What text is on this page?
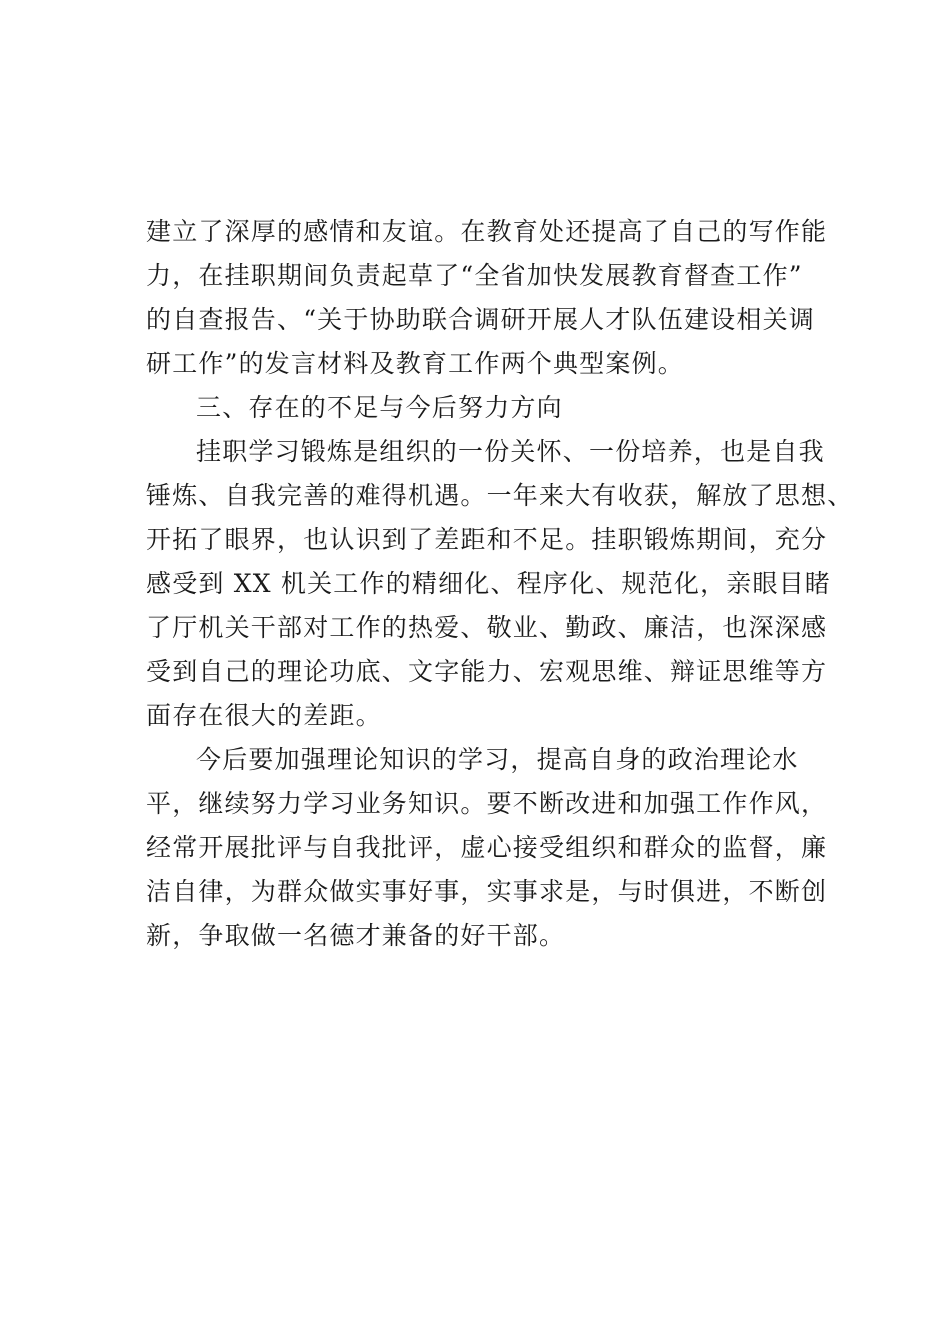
建立了深厚的感情和友谊。在教育处还提高了自己的写作能
力，在挂职期间负责起草了“全省加快发展教育督查工作”
的自查报告、“关于协助联合调研开展人才队伍建设相关调
研工作”的发言材料及教育工作两个典型案例。
三、存在的不足与今后努力方向
挂职学习锻炼是组织的一份关怀、一份培养，也是自我
锤炼、自我完善的难得机遇。一年来大有收获，解放了思想、
开拓了眼界，也认识到了差距和不足。挂职锻炼期间，充分
感受到 XX 机关工作的精细化、程序化、规范化，亲眼目睹
了厅机关干部对工作的热爱、敬业、勤政、廉洁，也深深感
受到自己的理论功底、文字能力、宏观思维、辩证思维等方
面存在很大的差距。
今后要加强理论知识的学习，提高自身的政治理论水
平，继续努力学习业务知识。要不断改进和加强工作作风，
经常开展批评与自我批评，虚心接受组织和群众的监督，廉
洁自律，为群众做实事好事，实事求是，与时俱进，不断创
新，争取做一名德才兼备的好干部。
